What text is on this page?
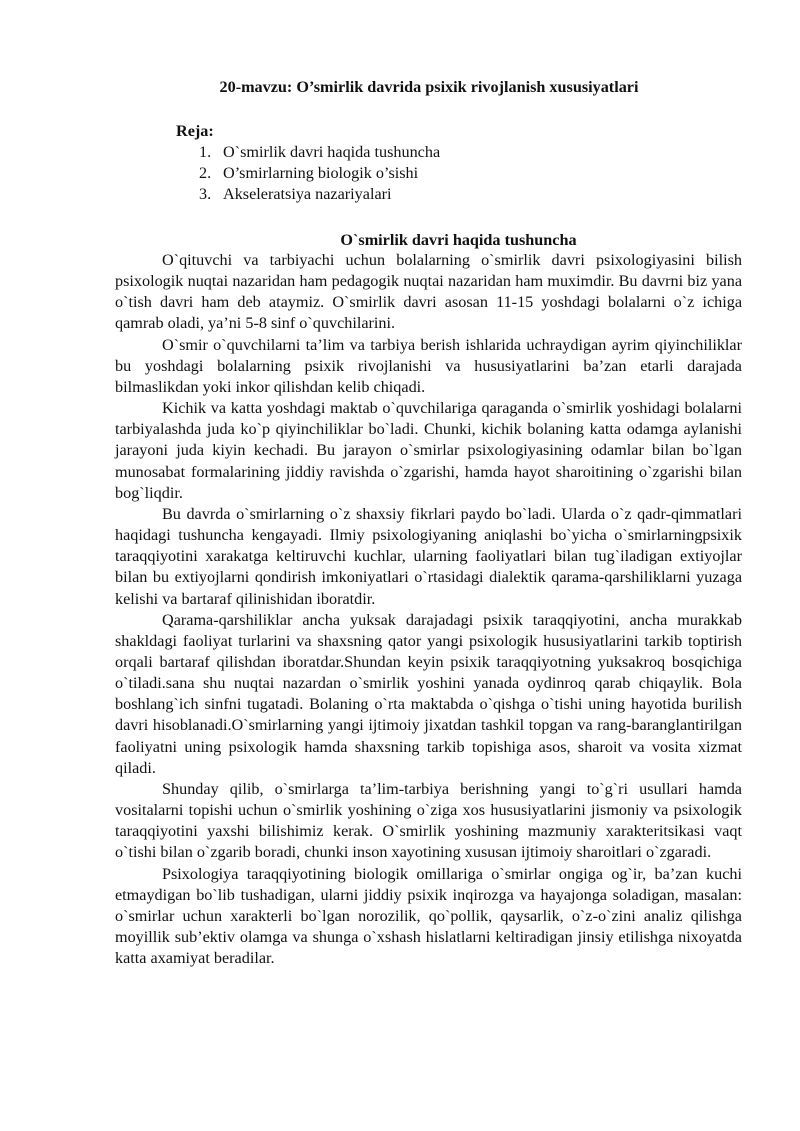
20-mavzu: O’smirlik davrida psixik rivojlanish xususiyatlari
Reja:
1. O`smirlik davri haqida tushuncha
2. O’smirlarning biologik o’sishi
3. Akseleratsiya nazariyalari
O`smirlik davri haqida tushuncha

O`qituvchi va tarbiyachi uchun bolalarning o`smirlik davri psixologiyasini bilish psixologik nuqtai nazaridan ham pedagogik nuqtai nazaridan ham muximdir. Bu davrni biz yana o`tish davri ham deb ataymiz. O`smirlik davri asosan 11-15 yoshdagi bolalarni o`z ichiga qamrab oladi, ya’ni 5-8 sinf o`quvchilarini.

O`smir o`quvchilarni ta’lim va tarbiya berish ishlarida uchraydigan ayrim qiyinchiliklar bu yoshdagi bolalarning psixik rivojlanishi va hususiyatlarini ba’zan etarli darajada bilmaslikdan yoki inkor qilishdan kelib chiqadi.

Kichik va katta yoshdagi maktab o`quvchilariga qaraganda o`smirlik yoshidagi bolalarni tarbiyalashda juda ko`p qiyinchiliklar bo`ladi. Chunki, kichik bolaning katta odamga aylanishi jarayoni juda kiyin kechadi. Bu jarayon o`smirlar psixologiyasining odamlar bilan bo`lgan munosabat formalarining jiddiy ravishda o`zgarishi, hamda hayot sharoitining o`zgarishi bilan bog`liqdir.

Bu davrda o`smirlarning o`z shaxsiy fikrlari paydo bo`ladi. Ularda o`z qadr-qimmatlari haqidagi tushuncha kengayadi. Ilmiy psixologiyaning aniqlashi bo`yicha o`smirlarningpsixik taraqqiyotini xarakatga keltiruvchi kuchlar, ularning faoliyatlari bilan tug`iladigan extiyojlar bilan bu extiyojlarni qondirish imkoniyatlari o`rtasidagi dialektik qarama-qarshiliklarni yuzaga kelishi va bartaraf qilinishidan iboratdir.

Qarama-qarshiliklar ancha yuksak darajadagi psixik taraqqiyotini, ancha murakkab shakldagi faoliyat turlarini va shaxsning qator yangi psixologik hususiyatlarini tarkib toptirish orqali bartaraf qilishdan iboratdar.Shundan keyin psixik taraqqiyotning yuksakroq bosqichiga o`tiladi.sana shu nuqtai nazardan o`smirlik yoshini yanada oydinroq qarab chiqaylik. Bola boshlang`ich sinfni tugatadi. Bolaning o`rta maktabda o`qishga o`tishi uning hayotida burilish davri hisoblanadi.O`smirlarning yangi ijtimoiy jixatdan tashkil topgan va rang-baranglantirilgan faoliyatni uning psixologik hamda shaxsning tarkib topishiga asos, sharoit va vosita xizmat qiladi.

Shunday qilib, o`smirlarga ta’lim-tarbiya berishning yangi to`g`ri usullari hamda vositalarni topishi uchun o`smirlik yoshining o`ziga xos hususiyatlarini jismoniy va psixologik taraqqiyotini yaxshi bilishimiz kerak. O`smirlik yoshining mazmuniy xarakteritsikasi vaqt o`tishi bilan o`zgarib boradi, chunki inson xayotining xususan ijtimoiy sharoitlari o`zgaradi.

Psixologiya taraqqiyotining biologik omillariga o`smirlar ongiga og`ir, ba’zan kuchi etmaydigan bo`lib tushadigan, ularni jiddiy psixik inqirozga va hayajonga soladigan, masalan: o`smirlar uchun xarakterli bo`lgan norozilik, qo`pollik, qaysarlik, o`z-o`zini analiz qilishga moyillik sub’ektiv olamga va shunga o`xshash hislatlarni keltiradigan jinsiy etilishga nixoyatda katta axamiyat beradilar.
